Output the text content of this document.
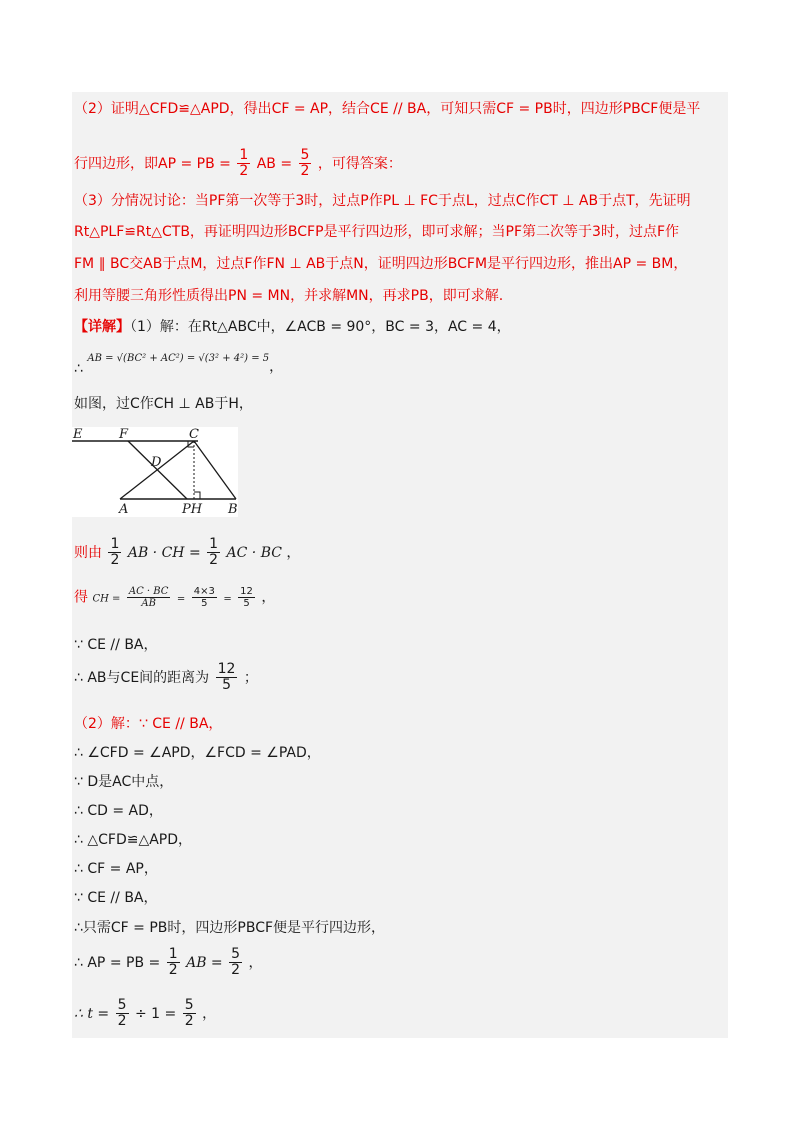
（2）证明△CFD≌△APD，得出CF = AP，结合CE // BA，可知只需CF = PB时，四边形PBCF便是平
行四边形，即AP = PB = $\frac{1}{2}$ AB = $\frac{5}{2}$ ，可得答案：
（3）分情况讨论：当PF第一次等于3时，过点P作PL ⊥ FC于点L，过点C作CT ⊥ AB于点T，先证明
Rt△PLF≌Rt△CTB，再证明四边形BCFP是平行四边形，即可求解；当PF第二次等于3时，过点F作
FM ∥ BC交AB于点M，过点F作FN ⊥ AB于点N，证明四边形BCFM是平行四边形，推出AP = BM，
利用等腰三角形性质得出PN = MN，并求解MN，再求PB，即可求解.
【详解】（1）解：在Rt△ABC中，∠ACB = 90°，BC = 3，AC = 4，
∴ AB = √(BC² + AC²) = √(3² + 4²) = 5，
如图，过C作CH ⊥ AB于H，
E	F	C
D
A	PH B
则由 $\frac{1}{2}$ AB · CH = $\frac{1}{2}$ AC · BC ，
得 CH = $\frac{AC \cdot BC}{AB} = \frac{4\times 3}{5} = \frac{12}{5}$ ，
∵ CE // BA，
∴ AB与CE间的距离为 $\frac{12}{5}$ ；
（2）解：∵ CE // BA，
∴ ∠CFD = ∠APD，∠FCD = ∠PAD，
∵ D是AC中点，
∴ CD = AD，
∴ △CFD≌△APD，
∴ CF = AP，
∵ CE // BA，
∴只需CF = PB时，四边形PBCF便是平行四边形，
∴ AP = PB = $\frac{1}{2}$ AB = $\frac{5}{2}$ ，
∴ $t = \frac{5}{2} \div 1 = \frac{5}{2}$ ，
